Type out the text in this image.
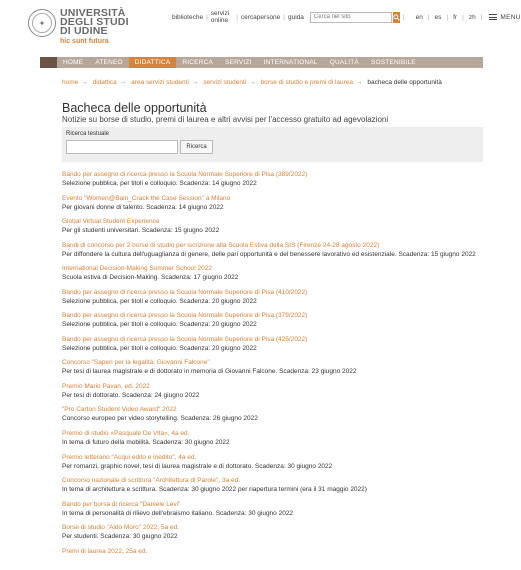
✦
UNIVERSITÀ
DEGLI STUDI
DI UDINE
hic sunt futura
biblioteche | servizi online	| cercapersone | guida
Cerca nel sito	| en | es | fr | zh |	MENU
HOME	ATENEO	DIDATTICA	RICERCA	SERVIZI	INTERNATIONAL	QUALITÀ	SOSTENIBILE
home → didattica → area servizi studenti → servizi studenti → borse di studio e premi di laurea → bacheca delle opportunità
Bacheca delle opportunità
Notizie su borse di studio, premi di laurea e altri avvisi per l'accesso gratuito ad agevolazioni
Ricerca testuale
Ricerca
Bando per assegno di ricerca presso la Scuola Normale Superiore di Pisa (389/2022)
Selezione pubblica, per titoli e colloquio. Scadenza: 14 giugno 2022
Evento "Women@Bain_Crack the Case Session" a Milano
Per giovani donne di talento. Scadenza: 14 giugno 2022
Global Virtual Student Experience
Per gli studenti universitari. Scadenza: 15 giugno 2022
Bandi di concorso per 2 borse di studio per iscrizione alla Scuola Estiva della SIS (Firenze 24-28 agosto 2022)
Per diffondere la cultura dell'uguaglianza di genere, delle pari opportunità e del benessere lavorativo ed esistenziale. Scadenza: 15 giugno 2022
International Decision-Making Summer School 2022
Scuola estiva di Decision-Making. Scadenza: 17 giugno 2022
Bando per assegno di ricerca presso la Scuola Normale Superiore di Pisa (410/2022)
Selezione pubblica, per titoli e colloquio. Scadenza: 20 giugno 2022
Bando per assegno di ricerca presso la Scuola Normale Superiore di Pisa (379/2022)
Selezione pubblica, per titoli e colloquio. Scadenza: 20 giugno 2022
Bando per assegno di ricerca presso la Scuola Normale Superiore di Pisa (425/2022)
Selezione pubblica, per titoli e colloquio. Scadenza: 20 giugno 2022
Concorso "Saperi per la legalità: Giovanni Falcone"
Per tesi di laurea magistrale e di dottorato in memoria di Giovanni Falcone. Scadenza: 23 giugno 2022
Premio Mario Pavan, ed. 2022
Per tesi di dottorato. Scadenza: 24 giugno 2022
"Pro Carton Student Video Award" 2022
Concorso europeo per video storytelling. Scadenza: 26 giugno 2022
Premio di studio «Pasquale De Vita», 4a ed.
In tema di futuro della mobilità. Scadenza: 30 giugno 2022
Premio letterario "Acqui edito e inedito", 4a ed.
Per romanzi, graphic novel, tesi di laurea magistrale e di dottorato. Scadenza: 30 giugno 2022
Concorso nazionale di scrittura "Architettura di Parole", 3a ed.
In tema di architettura e scrittura. Scadenza: 30 giugno 2022 per riapertura termini (era il 31 maggio 2022)
Bando per borsa di ricerca "Daniele Levi"
In tema di personalità di rilievo dell'ebraismo italiano. Scadenza: 30 giugno 2022
Borse di studio "Aldo Moro" 2022, 5a ed.
Per studenti. Scadenza: 30 giugno 2022
Premi di laurea 2022, 25a ed.
